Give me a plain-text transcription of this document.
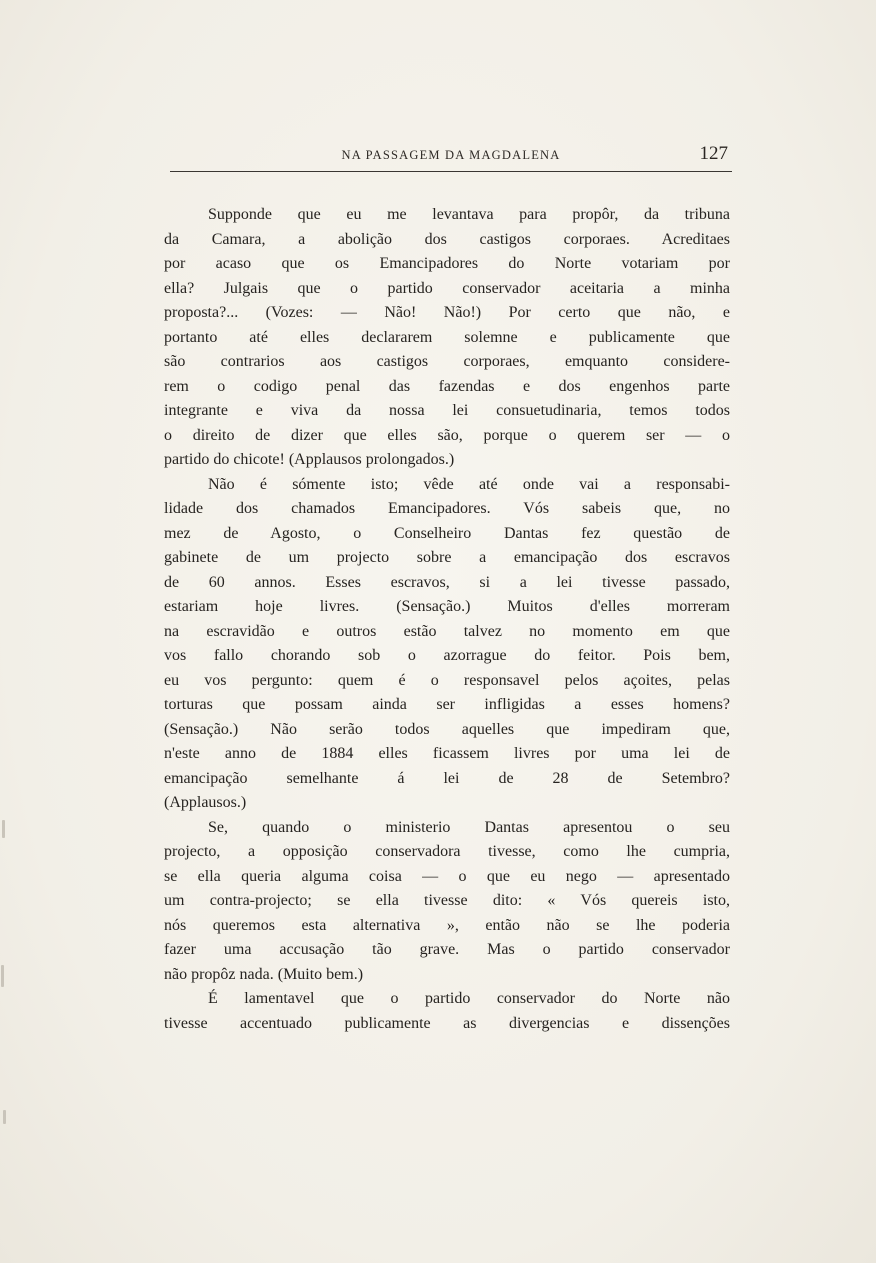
NA PASSAGEM DA MAGDALENA	127
Supponde que eu me levantava para propôr, da tribuna
da Camara, a abolição dos castigos corporaes. Acreditaes
por acaso que os Emancipadores do Norte votariam por
ella? Julgais que o partido conservador aceitaria a minha
proposta?... (Vozes: — Não! Não!) Por certo que não, e
portanto até elles declararem solemne e publicamente que
são contrarios aos castigos corporaes, emquanto considere-
rem o codigo penal das fazendas e dos engenhos parte
integrante e viva da nossa lei consuetudinaria, temos todos
o direito de dizer que elles são, porque o querem ser — o
partido do chicote! (Applausos prolongados.)
Não é sómente isto; vêde até onde vai a responsabi-
lidade dos chamados Emancipadores. Vós sabeis que, no
mez de Agosto, o Conselheiro Dantas fez questão de
gabinete de um projecto sobre a emancipação dos escravos
de 60 annos. Esses escravos, si a lei tivesse passado,
estariam hoje livres. (Sensação.) Muitos d'elles morreram
na escravidão e outros estão talvez no momento em que
vos fallo chorando sob o azorrague do feitor. Pois bem,
eu vos pergunto: quem é o responsavel pelos açoites, pelas
torturas que possam ainda ser infligidas a esses homens?
(Sensação.) Não serão todos aquelles que impediram que,
n'este anno de 1884 elles ficassem livres por uma lei de
emancipação semelhante á lei de 28 de Setembro?
(Applausos.)
Se, quando o ministerio Dantas apresentou o seu
projecto, a opposição conservadora tivesse, como lhe cumpria,
se ella queria alguma coisa — o que eu nego — apresentado
um contra-projecto; se ella tivesse dito: « Vós quereis isto,
nós queremos esta alternativa », então não se lhe poderia
fazer uma accusação tão grave. Mas o partido conservador
não propôz nada. (Muito bem.)
É lamentavel que o partido conservador do Norte não
tivesse accentuado publicamente as divergencias e dissenções
